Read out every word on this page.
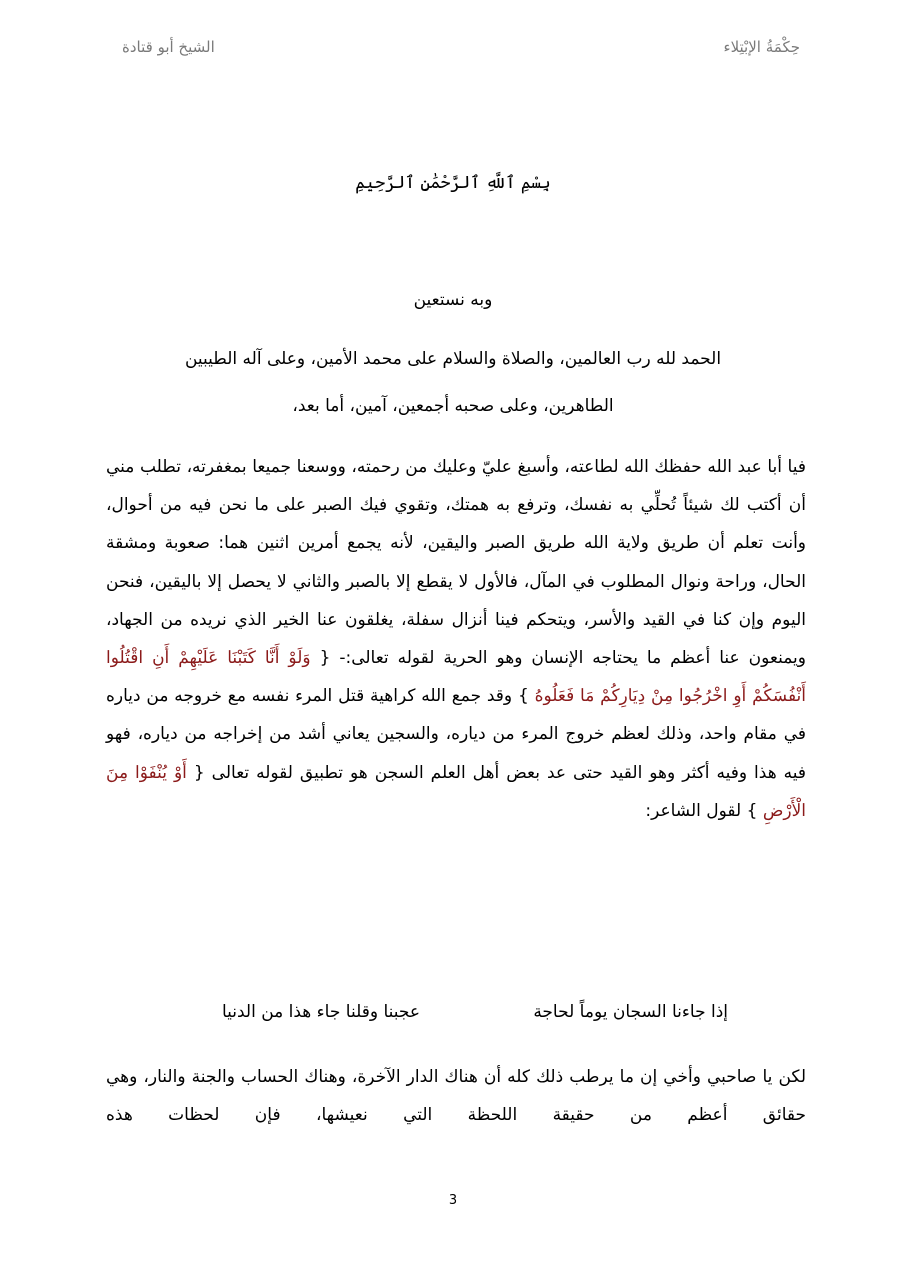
الشيخ أبو قتادة	حِكْمَةُ الإبْتِلاء
بِسْمِ ٱللَّهِ ٱلرَّحْمَٰنِ ٱلرَّحِيمِ
وبه نستعين
الحمد لله رب العالمين، والصلاة والسلام على محمد الأمين، وعلى آله الطيبين
الطاهرين، وعلى صحبه أجمعين، آمين، أما بعد،
فيا أبا عبد الله حفظك الله لطاعته، وأسبغ عليّ وعليك من رحمته، ووسعنا جميعا بمغفرته، تطلب مني أن أكتب لك شيئاً تُحلِّي به نفسك، وترفع به همتك، وتقوي فيك الصبر على ما نحن فيه من أحوال، وأنت تعلم أن طريق ولاية الله طريق الصبر واليقين، لأنه يجمع أمرين اثنين هما: صعوبة ومشقة الحال، وراحة ونوال المطلوب في المآل، فالأول لا يقطع إلا بالصبر والثاني لا يحصل إلا باليقين، فنحن اليوم وإن كنا في القيد والأسر، ويتحكم فينا أنزال سفلة، يغلقون عنا الخير الذي نريده من الجهاد، ويمنعون عنا أعظم ما يحتاجه الإنسان وهو الحرية لقوله تعالى:- { وَلَوْ أَنَّا كَتَبْنَا عَلَيْهِمْ أَنِ اقْتُلُوا أَنْفُسَكُمْ أَوِ اخْرُجُوا مِنْ دِيَارِكُمْ مَا فَعَلُوهُ } وقد جمع الله كراهية قتل المرء نفسه مع خروجه من دياره في مقام واحد، وذلك لعظم خروج المرء من دياره، والسجين يعاني أشد من إخراجه من دياره، فهو فيه هذا وفيه أكثر وهو القيد حتى عد بعض أهل العلم السجن هو تطبيق لقوله تعالى { أَوْ يُنْفَوْا مِنَ الْأَرْضِ } لقول الشاعر:
إذا جاءنا السجان يوماً لحاجة
عجبنا وقلنا جاء هذا من الدنيا
لكن يا صاحبي وأخي إن ما يرطب ذلك كله أن هناك الدار الآخرة، وهناك الحساب والجنة والنار، وهي حقائق أعظم من حقيقة اللحظة التي نعيشها، فإن لحظات هذه
3
